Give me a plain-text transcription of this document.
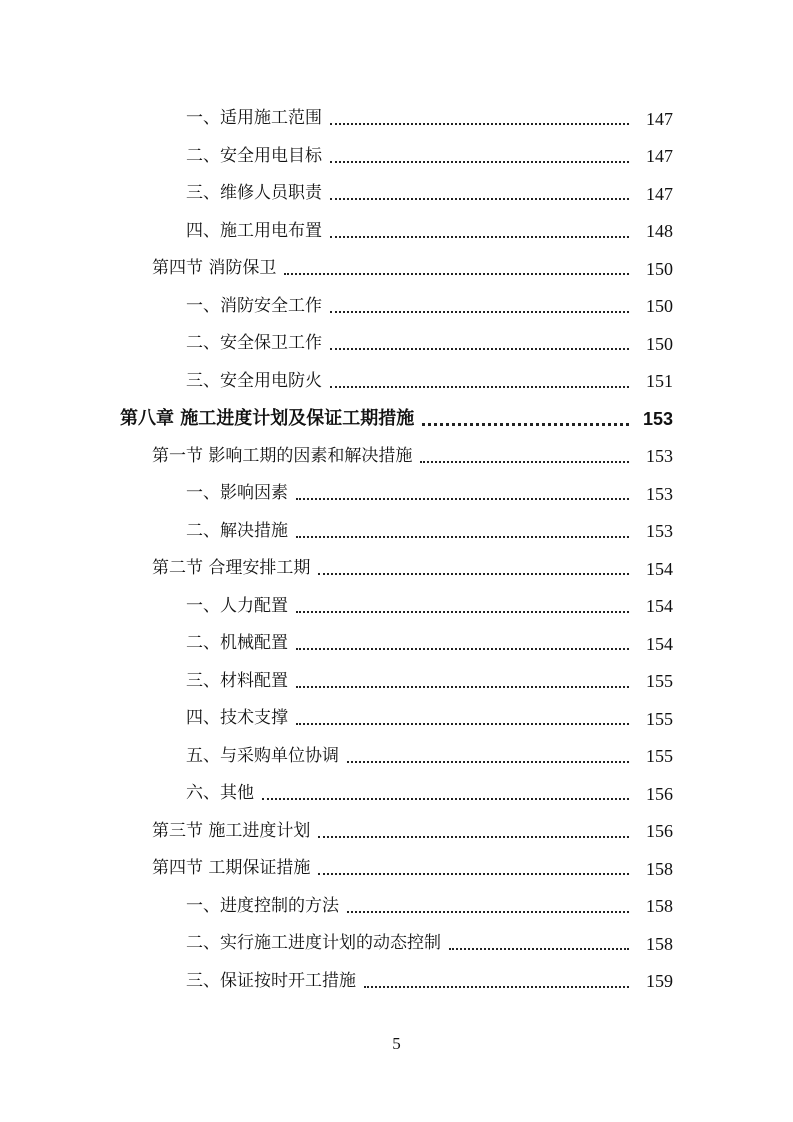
一、适用施工范围	147
二、安全用电目标	147
三、维修人员职责	147
四、施工用电布置	148
第四节 消防保卫	150
一、消防安全工作	150
二、安全保卫工作	150
三、安全用电防火	151
第八章 施工进度计划及保证工期措施	153
第一节 影响工期的因素和解决措施	153
一、影响因素	153
二、解决措施	153
第二节 合理安排工期	154
一、人力配置	154
二、机械配置	154
三、材料配置	155
四、技术支撑	155
五、与采购单位协调	155
六、其他	156
第三节 施工进度计划	156
第四节 工期保证措施	158
一、进度控制的方法	158
二、实行施工进度计划的动态控制	158
三、保证按时开工措施	159
5
